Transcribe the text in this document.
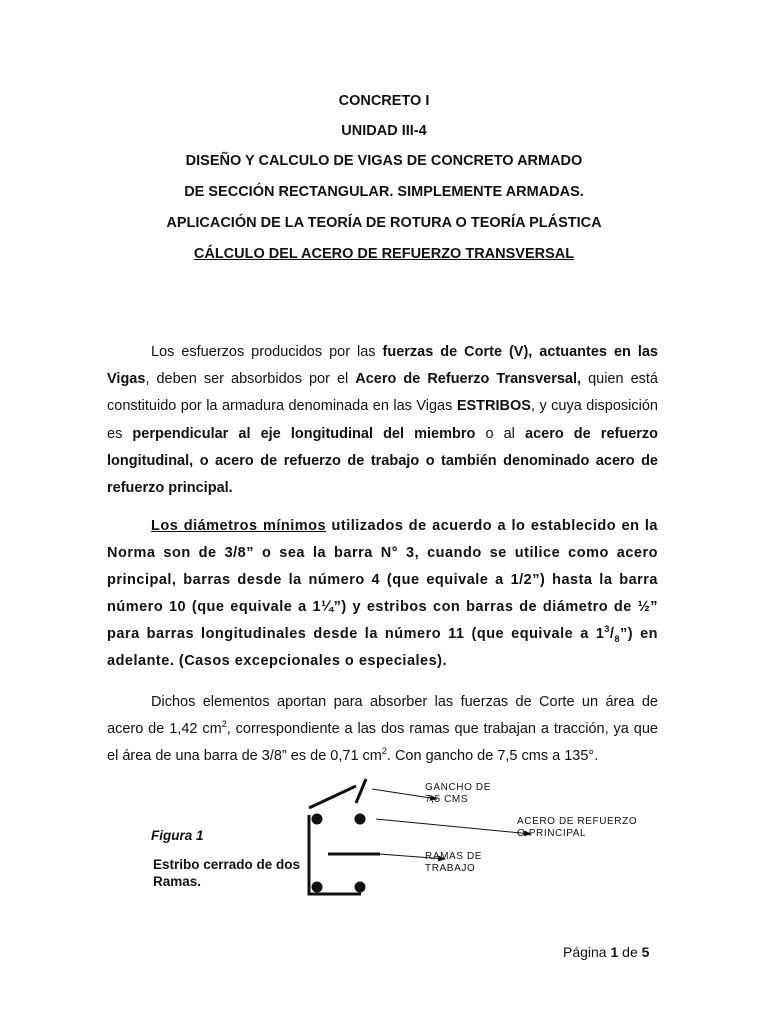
CONCRETO I
UNIDAD III-4
DISEÑO Y CALCULO DE VIGAS DE CONCRETO ARMADO
DE SECCIÓN RECTANGULAR. SIMPLEMENTE ARMADAS.
APLICACIÓN DE LA TEORÍA DE ROTURA O TEORÍA PLÁSTICA
CÁLCULO DEL ACERO DE REFUERZO TRANSVERSAL
Los esfuerzos producidos por las fuerzas de Corte (V), actuantes en las Vigas, deben ser absorbidos por el Acero de Refuerzo Transversal, quien está constituido por la armadura denominada en las Vigas ESTRIBOS, y cuya disposición es perpendicular al eje longitudinal del miembro o al acero de refuerzo longitudinal, o acero de refuerzo de trabajo o también denominado acero de refuerzo principal.
Los diámetros mínimos utilizados de acuerdo a lo establecido en la Norma son de 3/8” o sea la barra N° 3, cuando se utilice como acero principal, barras desde la número 4 (que equivale a 1/2”) hasta la barra número 10 (que equivale a 1¼”) y estribos con barras de diámetro de ½” para barras longitudinales desde la número 11 (que equivale a $1^3/_8$”) en adelante. (Casos excepcionales o especiales).
Dichos elementos aportan para absorber las fuerzas de Corte un área de acero de 1,42 $cm^2$, correspondiente a las dos ramas que trabajan a tracción, ya que el área de una barra de 3/8” es de 0,71 $cm^2$. Con gancho de 7,5 cms a 135°.
Figura 1
Estribo cerrado de dos Ramas.
GANCHO DE
7,5 CMS
ACERO DE REFUERZO
O PRINCIPAL
RAMAS DE
TRABAJO
Página 1 de 5
